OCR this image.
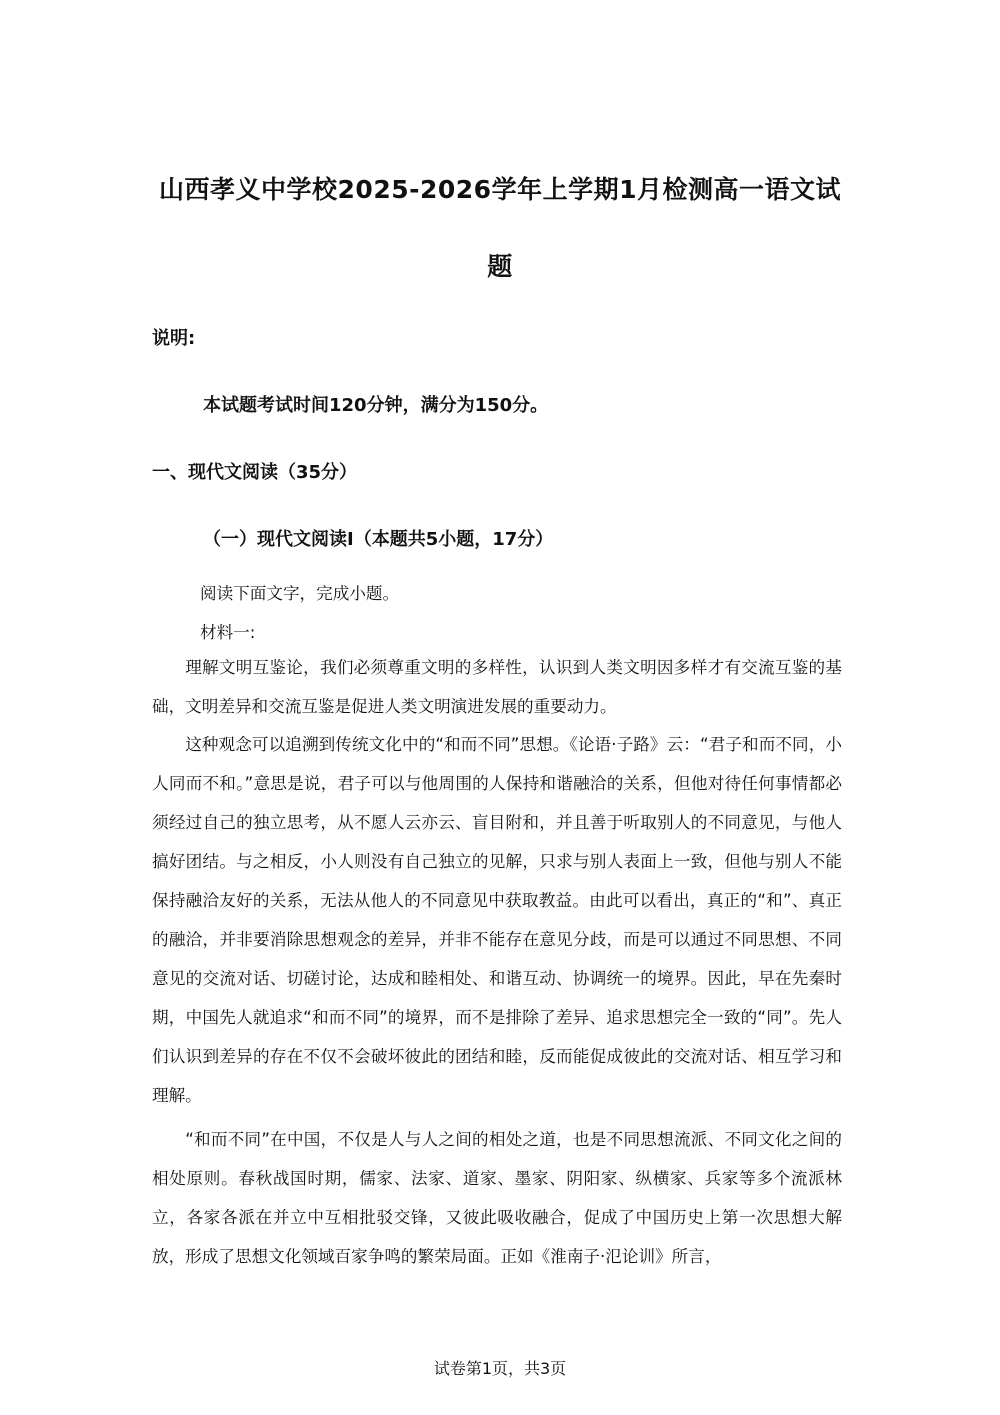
山西孝义中学校2025-2026学年上学期1月检测高一语文试
题
说明:
本试题考试时间120分钟，满分为150分。
一、现代文阅读（35分）
（一）现代文阅读I（本题共5小题，17分）
阅读下面文字，完成小题。
材料一:
理解文明互鉴论，我们必须尊重文明的多样性，认识到人类文明因多样才有交流互鉴的基础，文明差异和交流互鉴是促进人类文明演进发展的重要动力。
这种观念可以追溯到传统文化中的“和而不同”思想。《论语·子路》云：“君子和而不同，小人同而不和。”意思是说，君子可以与他周围的人保持和谐融洽的关系，但他对待任何事情都必须经过自己的独立思考，从不愿人云亦云、盲目附和，并且善于听取别人的不同意见，与他人搞好团结。与之相反，小人则没有自己独立的见解，只求与别人表面上一致，但他与别人不能保持融洽友好的关系，无法从他人的不同意见中获取教益。由此可以看出，真正的“和”、真正的融洽，并非要消除思想观念的差异，并非不能存在意见分歧，而是可以通过不同思想、不同意见的交流对话、切磋讨论，达成和睦相处、和谐互动、协调统一的境界。因此，早在先秦时期，中国先人就追求“和而不同”的境界，而不是排除了差异、追求思想完全一致的“同”。先人们认识到差异的存在不仅不会破坏彼此的团结和睦，反而能促成彼此的交流对话、相互学习和理解。
“和而不同”在中国，不仅是人与人之间的相处之道，也是不同思想流派、不同文化之间的相处原则。春秋战国时期，儒家、法家、道家、墨家、阴阳家、纵横家、兵家等多个流派林立，各家各派在并立中互相批驳交锋，又彼此吸收融合，促成了中国历史上第一次思想大解放，形成了思想文化领域百家争鸣的繁荣局面。正如《淮南子·氾论训》所言，
试卷第1页，共3页
